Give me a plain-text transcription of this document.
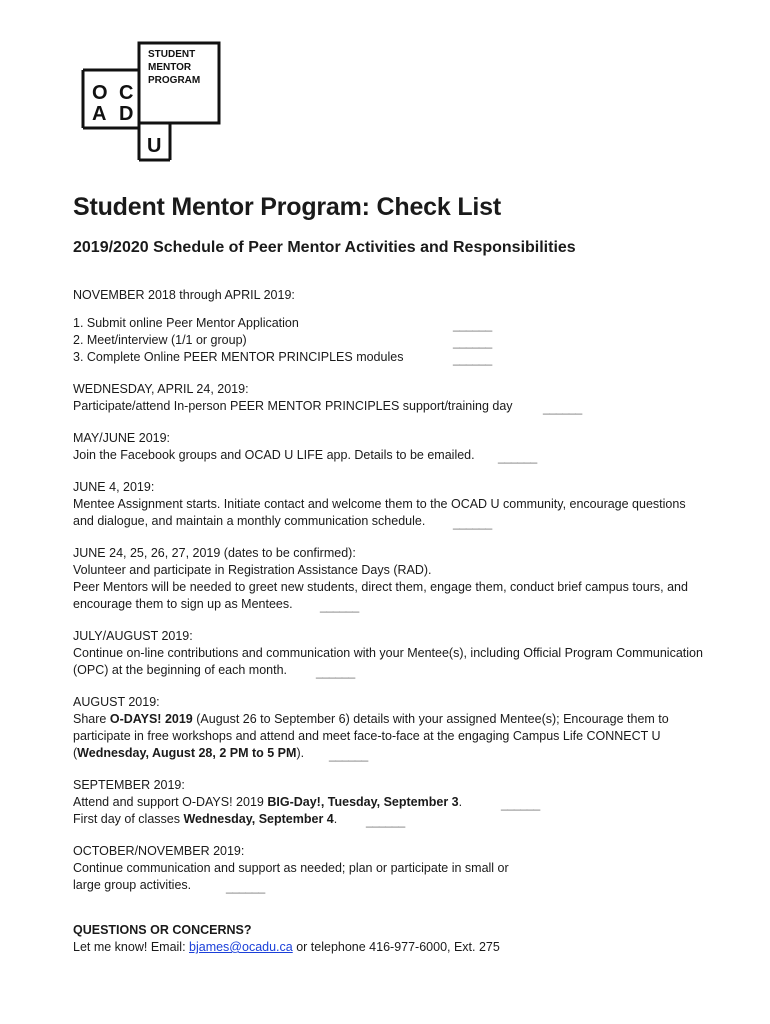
STUDENT
MENTOR
PROGRAM
O C
A D
U
Student Mentor Program: Check List
2019/2020 Schedule of Peer Mentor Activities and Responsibilities
NOVEMBER 2018 through APRIL 2019:
1. Submit online Peer Mentor Application	______
2. Meet/interview (1/1 or group)	______
3. Complete Online PEER MENTOR PRINCIPLES modules	______
WEDNESDAY, APRIL 24, 2019:
Participate/attend In-person PEER MENTOR PRINCIPLES support/training day ______
MAY/JUNE 2019:
Join the Facebook groups and OCAD U LIFE app. Details to be emailed. ______
JUNE 4, 2019:
Mentee Assignment starts. Initiate contact and welcome them to the OCAD U community, encourage questions
and dialogue, and maintain a monthly communication schedule. ______
JUNE 24, 25, 26, 27, 2019 (dates to be confirmed):
Volunteer and participate in Registration Assistance Days (RAD).
Peer Mentors will be needed to greet new students, direct them, engage them, conduct brief campus tours, and
encourage them to sign up as Mentees. ______
JULY/AUGUST 2019:
Continue on-line contributions and communication with your Mentee(s), including Official Program Communication
(OPC) at the beginning of each month. ______
AUGUST 2019:
Share O-DAYS! 2019 (August 26 to September 6) details with your assigned Mentee(s); Encourage them to
participate in free workshops and attend and meet face-to-face at the engaging Campus Life CONNECT U
(Wednesday, August 28, 2 PM to 5 PM). ______
SEPTEMBER 2019:
Attend and support O-DAYS! 2019 BIG-Day!, Tuesday, September 3.	______
First day of classes Wednesday, September 4. ______
OCTOBER/NOVEMBER 2019:
Continue communication and support as needed; plan or participate in small or
large group activities.	______
QUESTIONS OR CONCERNS?
Let me know! Email: bjames@ocadu.ca or telephone 416-977-6000, Ext. 275
